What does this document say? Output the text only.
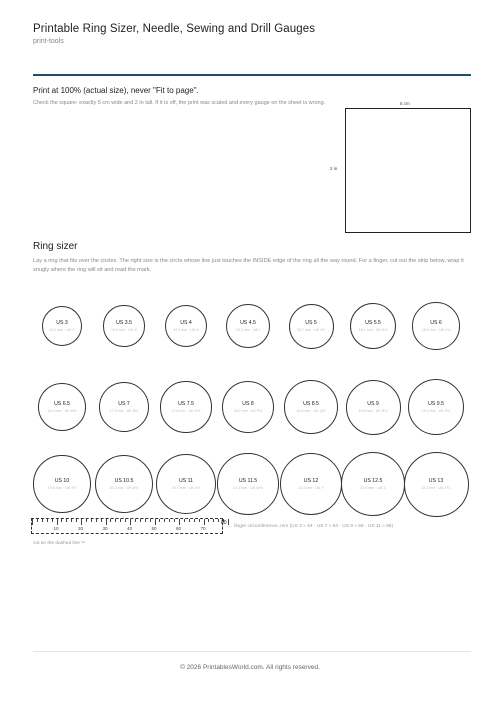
Printable Ring Sizer, Needle, Sewing and Drill Gauges
print-tools
Print at 100% (actual size), never "Fit to page".
Check the square: exactly 5 cm wide and 2 in tall. If it is off, the print was scaled and every gauge on the sheet is wrong.	5 cm
2 in
Ring sizer
Lay a ring that fits over the circles. The right size is the circle whose line just touches the INSIDE edge of the ring all the way round. For a finger, cut out the strip below, wrap it snugly where the ring will sit and read the mark.
US 3
14.1 mm · UK F
US 3.5
14.5 mm · UK G
US 4
14.9 mm · UK H
US 4.5
15.3 mm · UK I
US 5
15.7 mm · UK J½
US 5.5
16.1 mm · UK K½
US 6
16.5 mm · UK L½
US 6.5
16.9 mm · UK M½
US 7
17.3 mm · UK N½
US 7.5
17.8 mm · UK O½
US 8
18.2 mm · UK P½
US 8.5
18.6 mm · UK Q½
US 9
19.0 mm · UK R½
US 9.5
19.4 mm · UK S½
US 10
19.8 mm · UK T½
US 10.5
20.2 mm · UK U½
US 11
20.7 mm · UK V½
US 11.5
21.1 mm · UK W½
US 12
21.5 mm · UK Y
US 12.5
21.9 mm · UK Z
US 13
22.3 mm · UK Z+1
10	20	30	40	50	60	70
80
← finger circumference, mm (US 3 ≈ 44 · US 7 ≈ 54 · US 9 ≈ 59 · US 11 ≈ 65)
cut on the dashed line ✂
© 2026 PrintablesWorld.com. All rights reserved.
